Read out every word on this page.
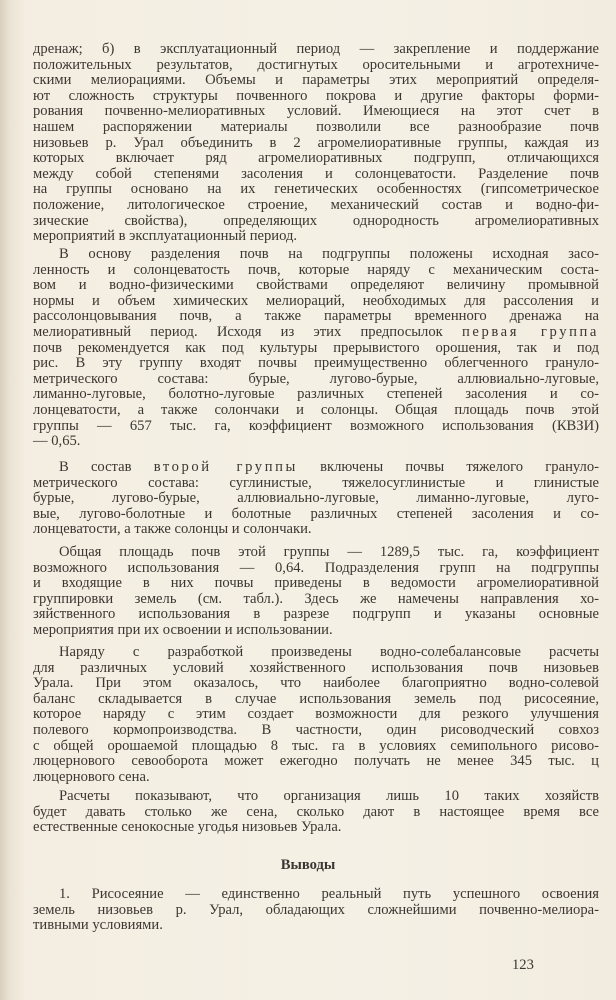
дренаж; б) в эксплуатационный период — закрепление и поддержание
положительных результатов, достигнутых оросительными и агротехниче-
скими мелиорациями. Объемы и параметры этих мероприятий определя-
ют сложность структуры почвенного покрова и другие факторы форми-
рования почвенно-мелиоративных условий. Имеющиеся на этот счет в
нашем распоряжении материалы позволили все разнообразие почв
низовьев р. Урал объединить в 2 агромелиоративные группы, каждая из
которых включает ряд агромелиоративных подгрупп, отличающихся
между собой степенями засоления и солонцеватости. Разделение почв
на группы основано на их генетических особенностях (гипсометрическое
положение, литологическое строение, механический состав и водно-фи-
зические свойства), определяющих однородность агромелиоративных
мероприятий в эксплуатационный период.
В основу разделения почв на подгруппы положены исходная засо-
ленность и солонцеватость почв, которые наряду с механическим соста-
вом и водно-физическими свойствами определяют величину промывной
нормы и объем химических мелиораций, необходимых для рассоления и
рассолонцовывания почв, а также параметры временного дренажа на
мелиоративный период. Исходя из этих предпосылок первая группа
почв рекомендуется как под культуры прерывистого орошения, так и под
рис. В эту группу входят почвы преимущественно облегченного грануло-
метрического состава: бурые, лугово-бурые, аллювиально-луговые,
лиманно-луговые, болотно-луговые различных степеней засоления и со-
лонцеватости, а также солончаки и солонцы. Общая площадь почв этой
группы — 657 тыс. га, коэффициент возможного использования (КВЗИ)
— 0,65.
В состав второй группы включены почвы тяжелого грануло-
метрического состава: суглинистые, тяжелосуглинистые и глинистые
бурые, лугово-бурые, аллювиально-луговые, лиманно-луговые, луго-
вые, лугово-болотные и болотные различных степеней засоления и со-
лонцеватости, а также солонцы и солончаки.
Общая площадь почв этой группы — 1289,5 тыс. га, коэффициент
возможного использования — 0,64. Подразделения групп на подгруппы
и входящие в них почвы приведены в ведомости агромелиоративной
группировки земель (см. табл.). Здесь же намечены направления хо-
зяйственного использования в разрезе подгрупп и указаны основные
мероприятия при их освоении и использовании.
Наряду с разработкой произведены водно-солебалансовые расчеты
для различных условий хозяйственного использования почв низовьев
Урала. При этом оказалось, что наиболее благоприятно водно-солевой
баланс складывается в случае использования земель под рисосеяние,
которое наряду с этим создает возможности для резкого улучшения
полевого кормопроизводства. В частности, один рисоводческий совхоз
с общей орошаемой площадью 8 тыс. га в условиях семипольного рисово-
люцернового севооборота может ежегодно получать не менее 345 тыс. ц
люцернового сена.
Расчеты показывают, что организация лишь 10 таких хозяйств
будет давать столько же сена, сколько дают в настоящее время все
естественные сенокосные угодья низовьев Урала.
Выводы
1. Рисосеяние — единственно реальный путь успешного освоения
земель низовьев р. Урал, обладающих сложнейшими почвенно-мелиора-
тивными условиями.
123
